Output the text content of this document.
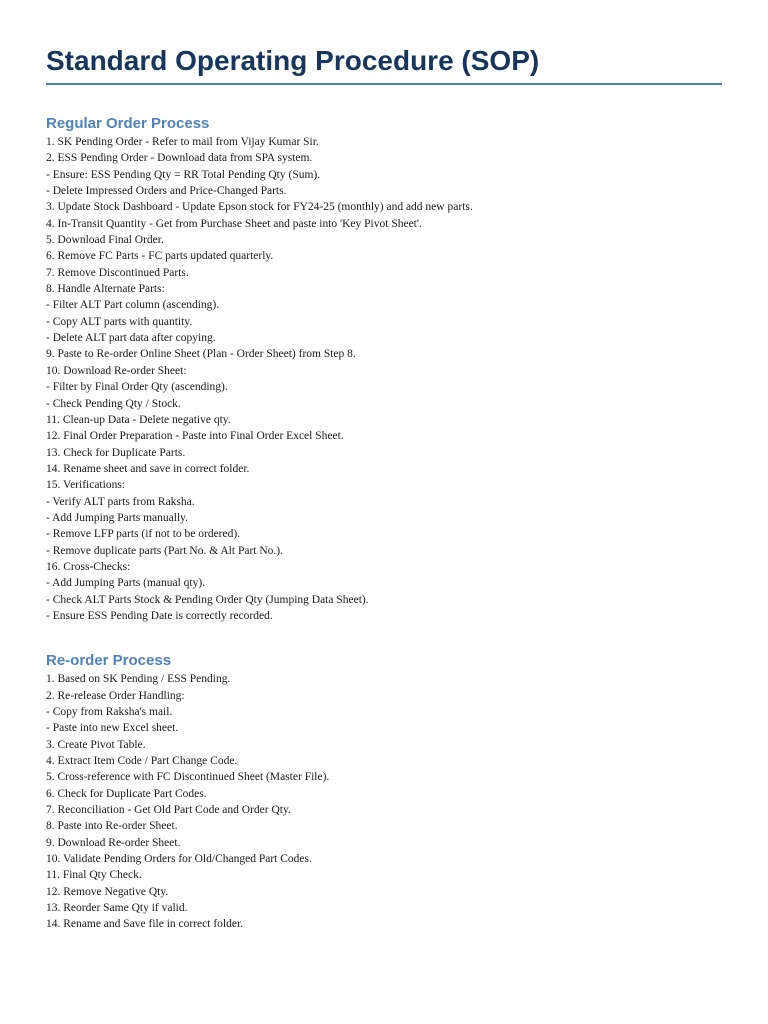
Standard Operating Procedure (SOP)
Regular Order Process
1. SK Pending Order - Refer to mail from Vijay Kumar Sir.
2. ESS Pending Order - Download data from SPA system.
- Ensure: ESS Pending Qty = RR Total Pending Qty (Sum).
- Delete Impressed Orders and Price-Changed Parts.
3. Update Stock Dashboard - Update Epson stock for FY24-25 (monthly) and add new parts.
4. In-Transit Quantity - Get from Purchase Sheet and paste into 'Key Pivot Sheet'.
5. Download Final Order.
6. Remove FC Parts - FC parts updated quarterly.
7. Remove Discontinued Parts.
8. Handle Alternate Parts:
- Filter ALT Part column (ascending).
- Copy ALT parts with quantity.
- Delete ALT part data after copying.
9. Paste to Re-order Online Sheet (Plan - Order Sheet) from Step 8.
10. Download Re-order Sheet:
- Filter by Final Order Qty (ascending).
- Check Pending Qty / Stock.
11. Clean-up Data - Delete negative qty.
12. Final Order Preparation - Paste into Final Order Excel Sheet.
13. Check for Duplicate Parts.
14. Rename sheet and save in correct folder.
15. Verifications:
- Verify ALT parts from Raksha.
- Add Jumping Parts manually.
- Remove LFP parts (if not to be ordered).
- Remove duplicate parts (Part No. & Alt Part No.).
16. Cross-Checks:
- Add Jumping Parts (manual qty).
- Check ALT Parts Stock & Pending Order Qty (Jumping Data Sheet).
- Ensure ESS Pending Date is correctly recorded.
Re-order Process
1. Based on SK Pending / ESS Pending.
2. Re-release Order Handling:
- Copy from Raksha's mail.
- Paste into new Excel sheet.
3. Create Pivot Table.
4. Extract Item Code / Part Change Code.
5. Cross-reference with FC Discontinued Sheet (Master File).
6. Check for Duplicate Part Codes.
7. Reconciliation - Get Old Part Code and Order Qty.
8. Paste into Re-order Sheet.
9. Download Re-order Sheet.
10. Validate Pending Orders for Old/Changed Part Codes.
11. Final Qty Check.
12. Remove Negative Qty.
13. Reorder Same Qty if valid.
14. Rename and Save file in correct folder.
